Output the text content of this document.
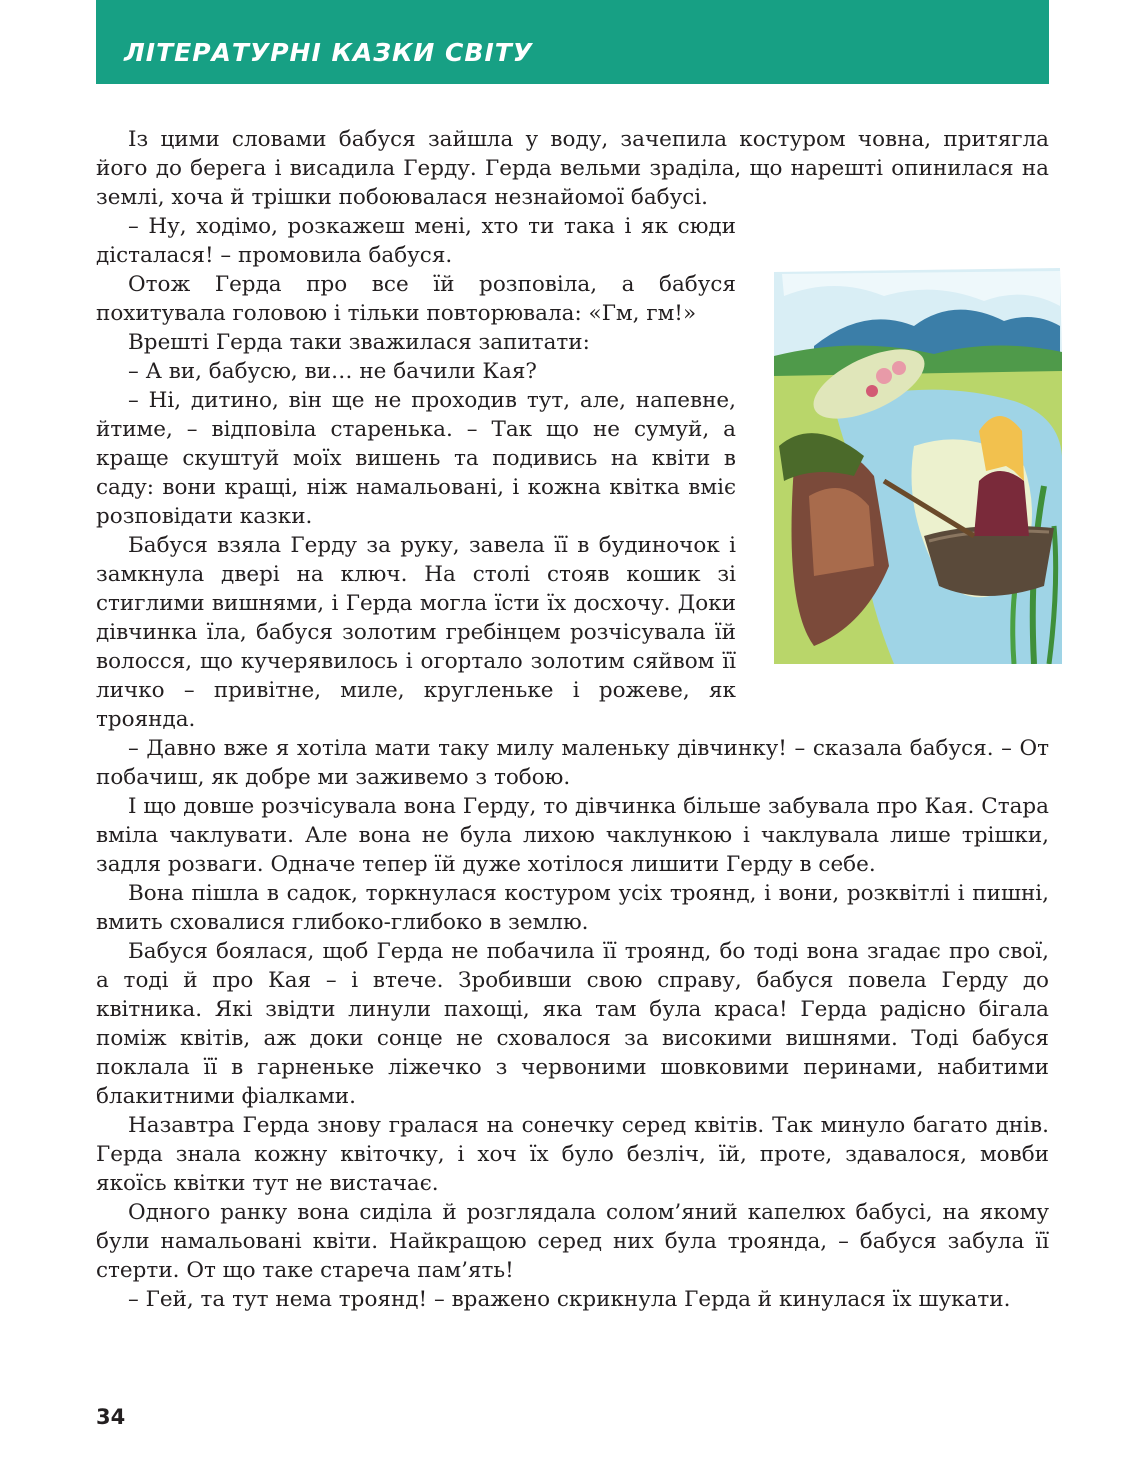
ЛІТЕРАТУРНІ КАЗКИ СВІТУ

Із цими словами бабуся зайшла у воду, зачепила костуром човна, притягла його до берега і висадила Герду. Герда вельми зраділа, що нарешті опинилася на землі, хоча й трішки побоювалася незнайомої бабусі.

– Ну, ходімо, розкажеш мені, хто ти така і як сюди дісталася! – промовила бабуся.

Отож Герда про все їй розповіла, а бабуся похитувала головою і тільки повторювала: «Гм, гм!»

Врешті Герда таки зважилася запитати:

– А ви, бабусю, ви… не бачили Кая?

– Ні, дитино, він ще не проходив тут, але, напевне, йтиме, – відповіла старенька. – Так що не сумуй, а краще скуштуй моїх вишень та подивись на квіти в саду: вони кращі, ніж намальовані, і кожна квітка вміє розповідати казки.

Бабуся взяла Герду за руку, завела її в будиночок і замкнула двері на ключ. На столі стояв кошик зі стиглими вишнями, і Герда могла їсти їх досхочу. Доки дівчинка їла, бабуся золотим гребінцем розчісувала їй волосся, що кучерявилось і огортало золотим сяйвом її личко – привітне, миле, кругленьке і рожеве, як троянда.

– Давно вже я хотіла мати таку милу маленьку дівчинку! – сказала бабуся. – От побачиш, як добре ми заживемо з тобою.

І що довше розчісувала вона Герду, то дівчинка більше забувала про Кая. Стара вміла чаклувати. Але вона не була лихою чаклункою і чаклувала лише трішки, задля розваги. Одначе тепер їй дуже хотілося лишити Герду в себе.

Вона пішла в садок, торкнулася костуром усіх троянд, і вони, розквітлі і пишні, вмить сховалися глибоко-глибоко в землю.

Бабуся боялася, щоб Герда не побачила її троянд, бо тоді вона згадає про свої, а тоді й про Кая – і втече. Зробивши свою справу, бабуся повела Герду до квітника. Які звідти линули пахощі, яка там була краса! Герда радісно бігала поміж квітів, аж доки сонце не сховалося за високими вишнями. Тоді бабуся поклала її в гарненьке ліжечко з червоними шовковими перинами, набитими блакитними фіалками.

Назавтра Герда знову гралася на сонечку серед квітів. Так минуло багато днів. Герда знала кожну квіточку, і хоч їх було безліч, їй, проте, здавалося, мовби якоїсь квітки тут не вистачає.

Одного ранку вона сиділа й розглядала солом’яний капелюх бабусі, на якому були намальовані квіти. Найкращою серед них була троянда, – бабуся забула її стерти. От що таке стареча пам’ять!

– Гей, та тут нема троянд! – вражено скрикнула Герда й кинулася їх шукати.

34
